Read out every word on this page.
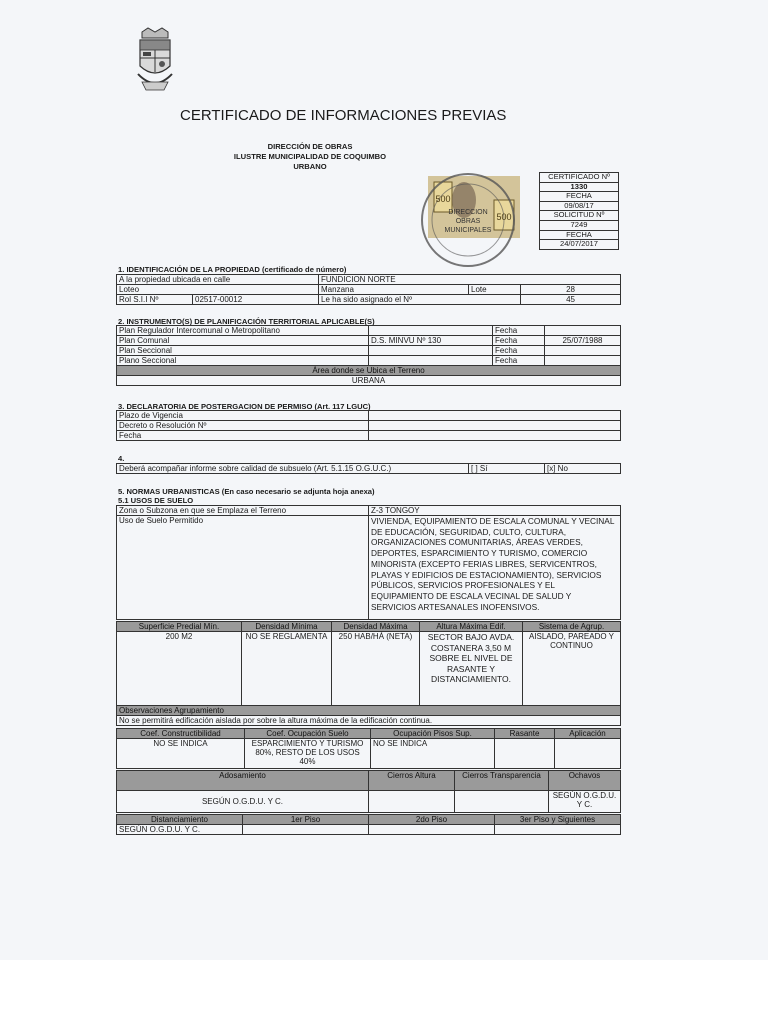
CERTIFICADO DE INFORMACIONES PREVIAS
DIRECCIÓN DE OBRAS
ILUSTRE MUNICIPALIDAD DE COQUIMBO
URBANO
DIRECCION
OBRAS
MUNICIPALES
500
500
CERTIFICADO Nº
1330
FECHA
09/08/17
SOLICITUD Nº
7249
FECHA
24/07/2017
1. IDENTIFICACIÓN DE LA PROPIEDAD (certificado de número)
A la propiedad ubicada en calle		FUNDICION NORTE		
Loteo		Manzana	Lote	28
Rol S.I.I Nº	02517-00012	Le ha sido asignado el Nº		45
2. INSTRUMENTO(S) DE PLANIFICACIÓN TERRITORIAL APLICABLE(S)
Plan Regulador Intercomunal o Metropolitano		Fecha	
Plan Comunal	D.S. MINVU Nº 130	Fecha	25/07/1988
Plan Seccional		Fecha	
Plano Seccional		Fecha	
Área donde se Ubica el Terreno			
URBANA			
3. DECLARATORIA DE POSTERGACION DE PERMISO (Art. 117 LGUC)
Plazo de Vigencia	
Decreto o Resolución Nº	
Fecha	
4.
Deberá acompañar informe sobre calidad de subsuelo (Art. 5.1.15 O.G.U.C.)	[ ] Sí	[x] No
5. NORMAS URBANISTICAS (En caso necesario se adjunta hoja anexa)
5.1 USOS DE SUELO
Zona o Subzona en que se Emplaza el Terreno	Z-3 TONGOY
Uso de Suelo Permitido	VIVIENDA, EQUIPAMIENTO DE ESCALA COMUNAL Y VECINAL DE EDUCACIÓN, SEGURIDAD, CULTO, CULTURA, ORGANIZACIONES COMUNITARIAS, ÁREAS VERDES, DEPORTES, ESPARCIMIENTO Y TURISMO, COMERCIO MINORISTA (EXCEPTO FERIAS LIBRES, SERVICENTROS, PLAYAS Y EDIFICIOS DE ESTACIONAMIENTO), SERVICIOS PÚBLICOS, SERVICIOS PROFESIONALES Y EL EQUIPAMIENTO DE ESCALA VECINAL DE SALUD Y SERVICIOS ARTESANALES INOFENSIVOS.
Superficie Predial Mín.	Densidad Mínima	Densidad Máxima	Altura Máxima Edif.	Sistema de Agrup.
200 M2	NO SE REGLAMENTA	250 HAB/HÁ (NETA)	SECTOR BAJO AVDA. COSTANERA 3,50 M SOBRE EL NIVEL DE RASANTE Y DISTANCIAMIENTO.	AISLADO, PAREADO Y CONTINUO
Observaciones Agrupamiento				
No se permitirá edificación aislada por sobre la altura máxima de la edificación continua.				
Coef. Constructibilidad	Coef. Ocupación Suelo	Ocupación Pisos Sup.	Rasante	Aplicación
NO SE INDICA	ESPARCIMIENTO Y TURISMO 80%, RESTO DE LOS USOS 40%	NO SE INDICA		
Adosamiento	Cierros Altura	Cierros Transparencia	Ochavos
SEGÚN O.G.D.U. Y C.			SEGÚN O.G.D.U. Y C.
Distanciamiento	1er Piso	2do Piso	3er Piso y Siguientes
SEGÚN O.G.D.U. Y C.			
